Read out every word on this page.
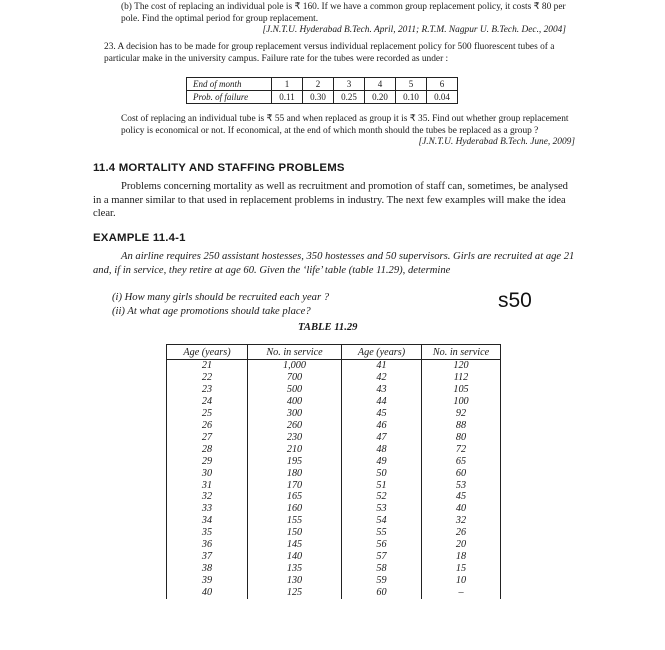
(b) The cost of replacing an individual pole is ₹ 160. If we have a common group replacement policy, it costs ₹ 80 per pole. Find the optimal period for group replacement.

[J.N.T.U. Hyderabad B.Tech. April, 2011; R.T.M. Nagpur U. B.Tech. Dec., 2004]

23. A decision has to be made for group replacement versus individual replacement policy for 500 fluorescent tubes of a particular make in the university campus. Failure rate for the tubes were recorded as under :

End of month	1	2	3	4	5	6
Prob. of failure	0.11	0.30	0.25	0.20	0.10	0.04

Cost of replacing an individual tube is ₹ 55 and when replaced as group it is ₹ 35. Find out whether group replacement policy is economical or not. If economical, at the end of which month should the tubes be replaced as a group ?

[J.N.T.U. Hyderabad B.Tech. June, 2009]

11.4 MORTALITY AND STAFFING PROBLEMS

Problems concerning mortality as well as recruitment and promotion of staff can, sometimes, be analysed in a manner similar to that used in replacement problems in industry. The next few examples will make the idea clear.

EXAMPLE 11.4-1

An airline requires 250 assistant hostesses, 350 hostesses and 50 supervisors. Girls are recruited at age 21 and, if in service, they retire at age 60. Given the ‘life’ table (table 11.29), determine

(i) How many girls should be recruited each year ?

(ii) At what age promotions should take place?	s50
TABLE 11.29
Age (years)	No. in service	Age (years)	No. in service
21	1,000	41	120
22	700	42	112
23	500	43	105
24	400	44	100
25	300	45	92
26	260	46	88
27	230	47	80
28	210	48	72
29	195	49	65
30	180	50	60
31	170	51	53
32	165	52	45
33	160	53	40
34	155	54	32
35	150	55	26
36	145	56	20
37	140	57	18
38	135	58	15
39	130	59	10
40	125	60	–
